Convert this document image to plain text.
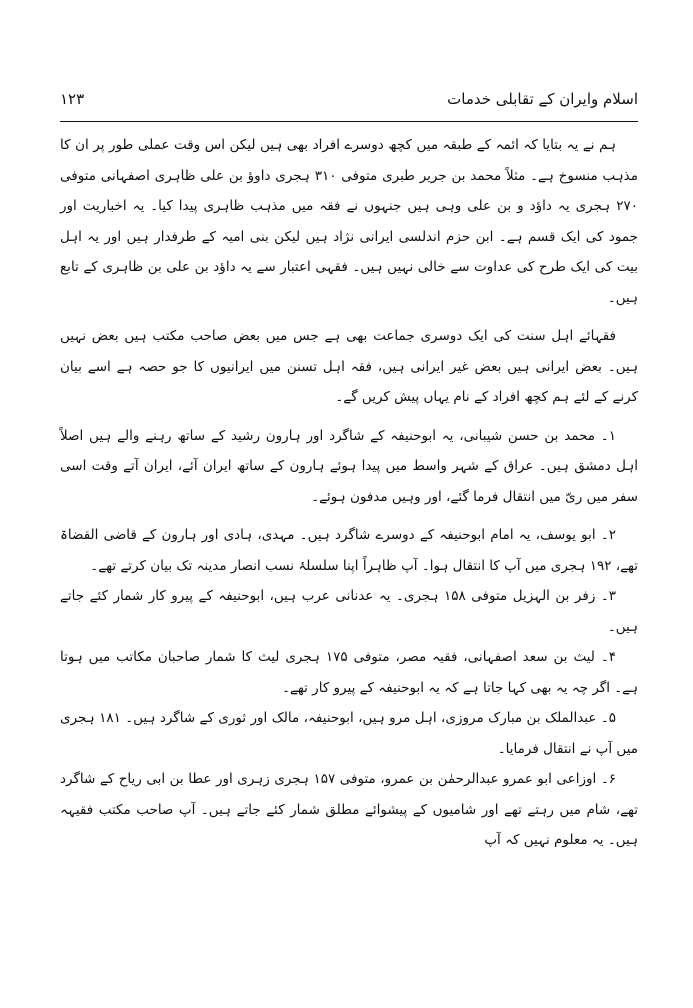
اسلام وایران کے تقابلی خدمات
۱۲۳

ہم نے یہ بتایا کہ ائمہ کے طبقہ میں کچھ دوسرے افراد بھی ہیں لیکن اس وقت عملی طور پر ان کا مذہب منسوخ ہے۔ مثلاً محمد بن جریر طبری متوفی ۳۱۰ ہجری داوؤ بن علی ظاہری اصفہانی متوفی ۲۷۰ ہجری یہ داؤد و بن علی وہی ہیں جنہوں نے فقہ میں مذہب ظاہری پیدا کیا۔ یہ اخباریت اور جمود کی ایک قسم ہے۔ ابن حزم اندلسی ایرانی نژاد ہیں لیکن بنی امیہ کے طرفدار ہیں اور یہ اہل بیت کی ایک طرح کی عداوت سے خالی نہیں ہیں۔ فقہی اعتبار سے یہ داؤد بن علی بن ظاہری کے تابع ہیں۔

فقہائے اہل سنت کی ایک دوسری جماعت بھی ہے جس میں بعض صاحب مکتب ہیں بعض نہیں ہیں۔ بعض ایرانی ہیں بعض غیر ایرانی ہیں، فقہ اہل تسنن میں ایرانیوں کا جو حصہ ہے اسے بیان کرنے کے لئے ہم کچھ افراد کے نام یہاں پیش کریں گے۔

۱۔ محمد بن حسن شیبانی، یہ ابوحنیفہ کے شاگرد اور ہارون رشید کے ساتھ رہنے والے ہیں اصلاً اہل دمشق ہیں۔ عراق کے شہر واسط میں پیدا ہوئے ہارون کے ساتھ ایران آئے، ایران آتے وقت اسی سفر میں ریّ میں انتقال فرما گئے، اور وہیں مدفون ہوئے۔

۲۔ ابو یوسف، یہ امام ابوحنیفہ کے دوسرے شاگرد ہیں۔ مہدی، ہادی اور ہارون کے قاضی القضاۃ تھے، ۱۹۲ ہجری میں آپ کا انتقال ہوا۔ آپ ظاہراً اپنا سلسلۂ نسب انصار مدینہ تک بیان کرتے تھے۔

۳۔ زفر بن الہزیل متوفی ۱۵۸ ہجری۔ یہ عدنانی عرب ہیں، ابوحنیفہ کے پیرو کار شمار کئے جاتے ہیں۔

۴۔ لیث بن سعد اصفہانی، فقیہ مصر، متوفی ۱۷۵ ہجری لیث کا شمار صاحبان مکاتب میں ہوتا ہے۔ اگر چہ یہ بھی کہا جاتا ہے کہ یہ ابوحنیفہ کے پیرو کار تھے۔

۵۔ عبدالملک بن مبارک مروزی، اہل مرو ہیں، ابوحنیفہ، مالک اور ثوری کے شاگرد ہیں۔ ۱۸۱ ہجری میں آپ نے انتقال فرمایا۔

۶۔ اوزاعی ابو عمرو عبدالرحمٰن بن عمرو، متوفی ۱۵۷ ہجری زہری اور عطا بن ابی ریاح کے شاگرد تھے، شام میں رہتے تھے اور شامیوں کے پیشوائے مطلق شمار کئے جاتے ہیں۔ آپ صاحب مکتب فقیہہ ہیں۔ یہ معلوم نہیں کہ آپ
